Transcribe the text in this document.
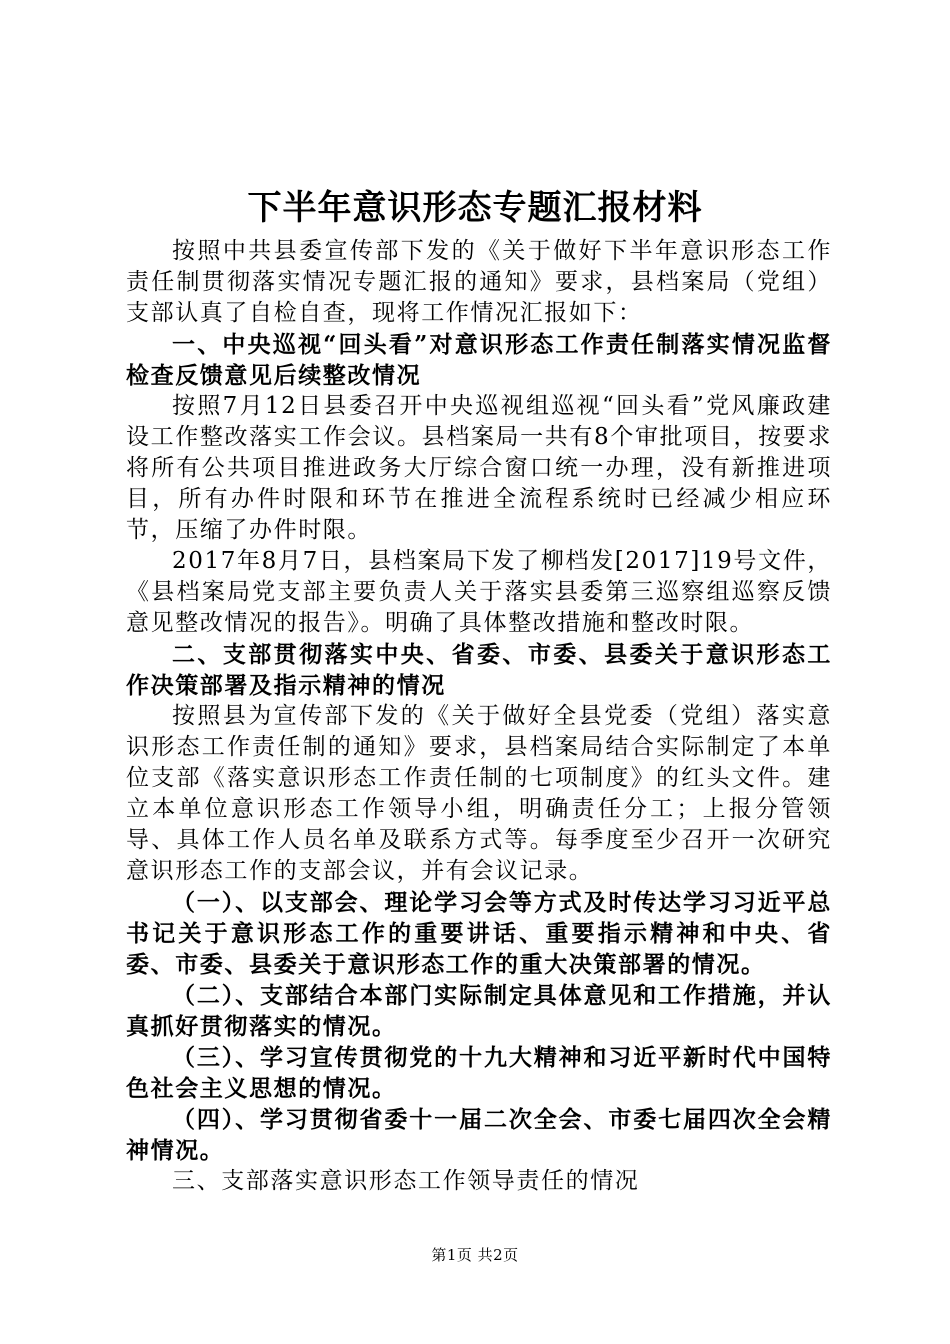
下半年意识形态专题汇报材料

按照中共县委宣传部下发的《关于做好下半年意识形态工作责任制贯彻落实情况专题汇报的通知》要求，县档案局（党组）支部认真了自检自查，现将工作情况汇报如下：

一、中央巡视“回头看”对意识形态工作责任制落实情况监督检查反馈意见后续整改情况

按照7月12日县委召开中央巡视组巡视“回头看”党风廉政建设工作整改落实工作会议。县档案局一共有8个审批项目，按要求将所有公共项目推进政务大厅综合窗口统一办理，没有新推进项目，所有办件时限和环节在推进全流程系统时已经减少相应环节，压缩了办件时限。

2017年8月7日，县档案局下发了柳档发[2017]19号文件，《县档案局党支部主要负责人关于落实县委第三巡察组巡察反馈意见整改情况的报告》。明确了具体整改措施和整改时限。

二、支部贯彻落实中央、省委、市委、县委关于意识形态工作决策部署及指示精神的情况

按照县为宣传部下发的《关于做好全县党委（党组）落实意识形态工作责任制的通知》要求，县档案局结合实际制定了本单位支部《落实意识形态工作责任制的七项制度》的红头文件。建立本单位意识形态工作领导小组，明确责任分工；上报分管领导、具体工作人员名单及联系方式等。每季度至少召开一次研究意识形态工作的支部会议，并有会议记录。

（一）、以支部会、理论学习会等方式及时传达学习习近平总书记关于意识形态工作的重要讲话、重要指示精神和中央、省委、市委、县委关于意识形态工作的重大决策部署的情况。

（二）、支部结合本部门实际制定具体意见和工作措施，并认真抓好贯彻落实的情况。

（三）、学习宣传贯彻党的十九大精神和习近平新时代中国特色社会主义思想的情况。

（四）、学习贯彻省委十一届二次全会、市委七届四次全会精神情况。

三、支部落实意识形态工作领导责任的情况

第1页 共2页
